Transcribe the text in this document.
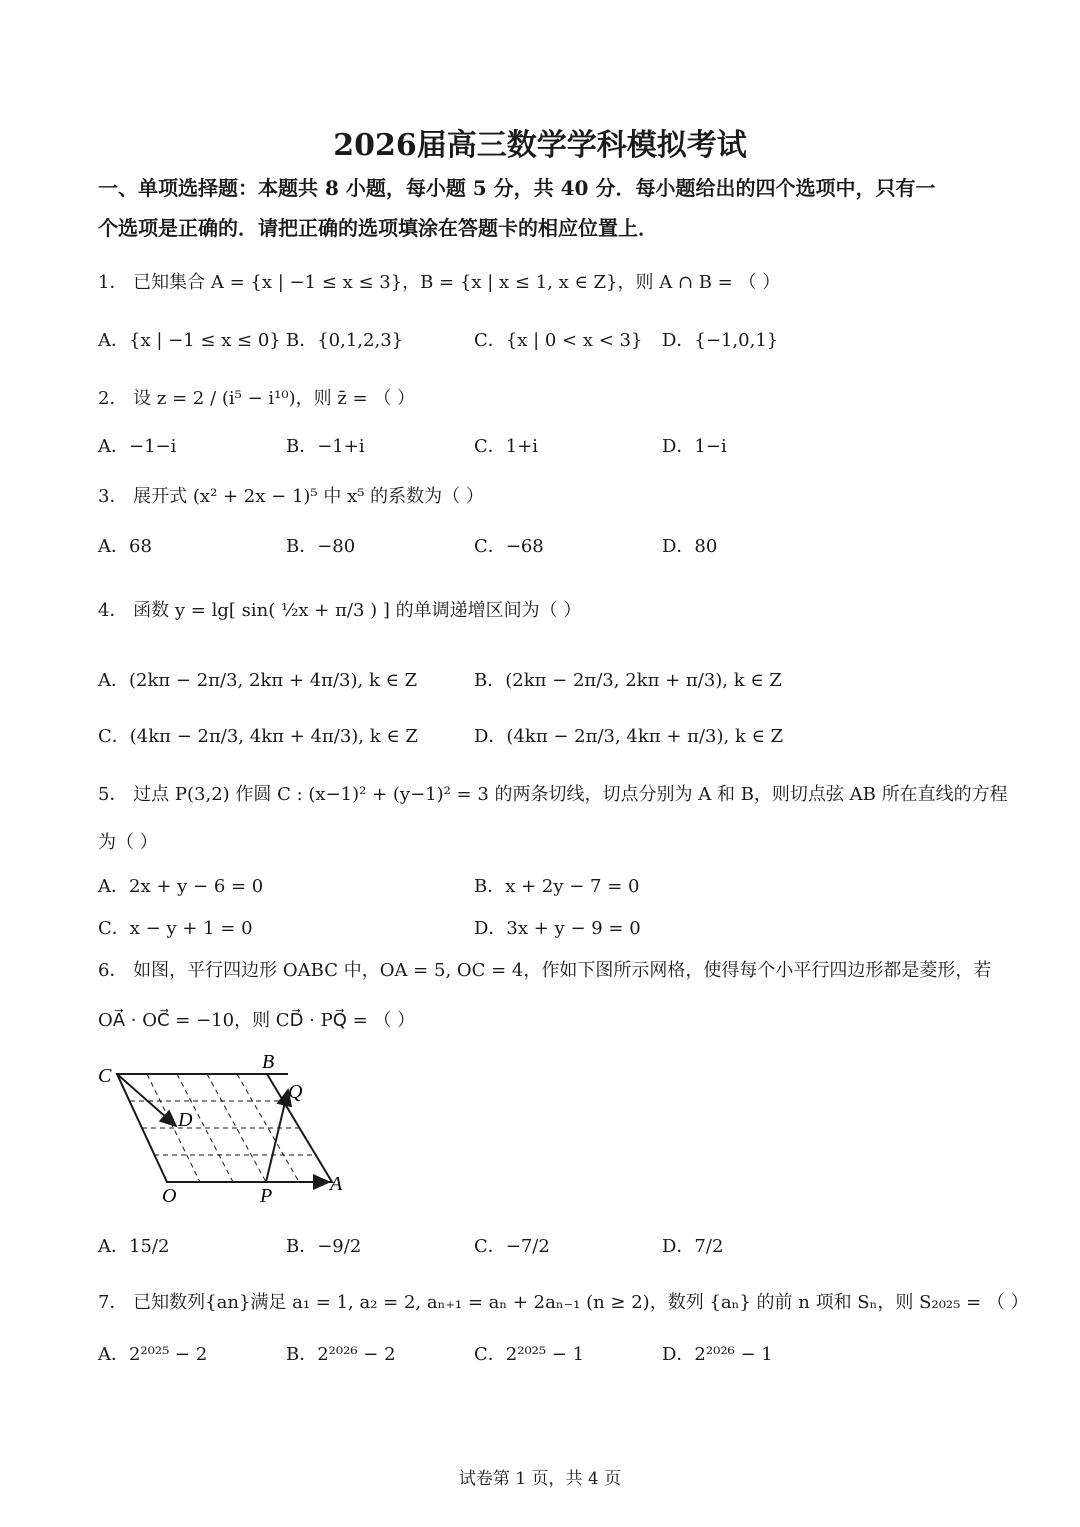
2026届高三数学学科模拟考试
一、单项选择题：本题共 8 小题，每小题 5 分，共 40 分．每小题给出的四个选项中，只有一
个选项是正确的．请把正确的选项填涂在答题卡的相应位置上．
1． 已知集合 A = {x | −1 ≤ x ≤ 3}，B = {x | x ≤ 1, x ∈ Z}，则 A ∩ B = （ ）
A．{x | −1 ≤ x ≤ 0} B．{0,1,2,3}	C．{x | 0 < x < 3} D．{−1,0,1}
2． 设 z = 2 / (i⁵ − i¹⁰)，则 z̄ = （ ）
A．−1−i	B．−1+i	C．1+i	D．1−i
3． 展开式 (x² + 2x − 1)⁵ 中 x⁵ 的系数为（ ）
A．68	B．−80	C．−68	D．80
4． 函数 y = lg[ sin( ½x + π/3 ) ] 的单调递增区间为（ ）
A．(2kπ − 2π/3, 2kπ + 4π/3), k ∈ Z	B．(2kπ − 2π/3, 2kπ + π/3), k ∈ Z
C．(4kπ − 2π/3, 4kπ + 4π/3), k ∈ Z	D．(4kπ − 2π/3, 4kπ + π/3), k ∈ Z
5． 过点 P(3,2) 作圆 C : (x−1)² + (y−1)² = 3 的两条切线，切点分别为 A 和 B，则切点弦 AB 所在直线的方程
为（ ）
A．2x + y − 6 = 0	B．x + 2y − 7 = 0
C．x − y + 1 = 0	D．3x + y − 9 = 0
6． 如图，平行四边形 OABC 中，OA = 5, OC = 4，作如下图所示网格，使得每个小平行四边形都是菱形，若
OA⃗ · OC⃗ = −10，则 CD⃗ · PQ⃗ = （ ）
C
B
Q
D
O	P
A
A．15/2	B．−9/2	C．−7/2	D．7/2
7． 已知数列{an}满足 a₁ = 1, a₂ = 2, aₙ₊₁ = aₙ + 2aₙ₋₁ (n ≥ 2)，数列 {aₙ} 的前 n 项和 Sₙ，则 S₂₀₂₅ = （ ）
A．2²⁰²⁵ − 2	B．2²⁰²⁶ − 2	C．2²⁰²⁵ − 1	D．2²⁰²⁶ − 1
试卷第 1 页，共 4 页
